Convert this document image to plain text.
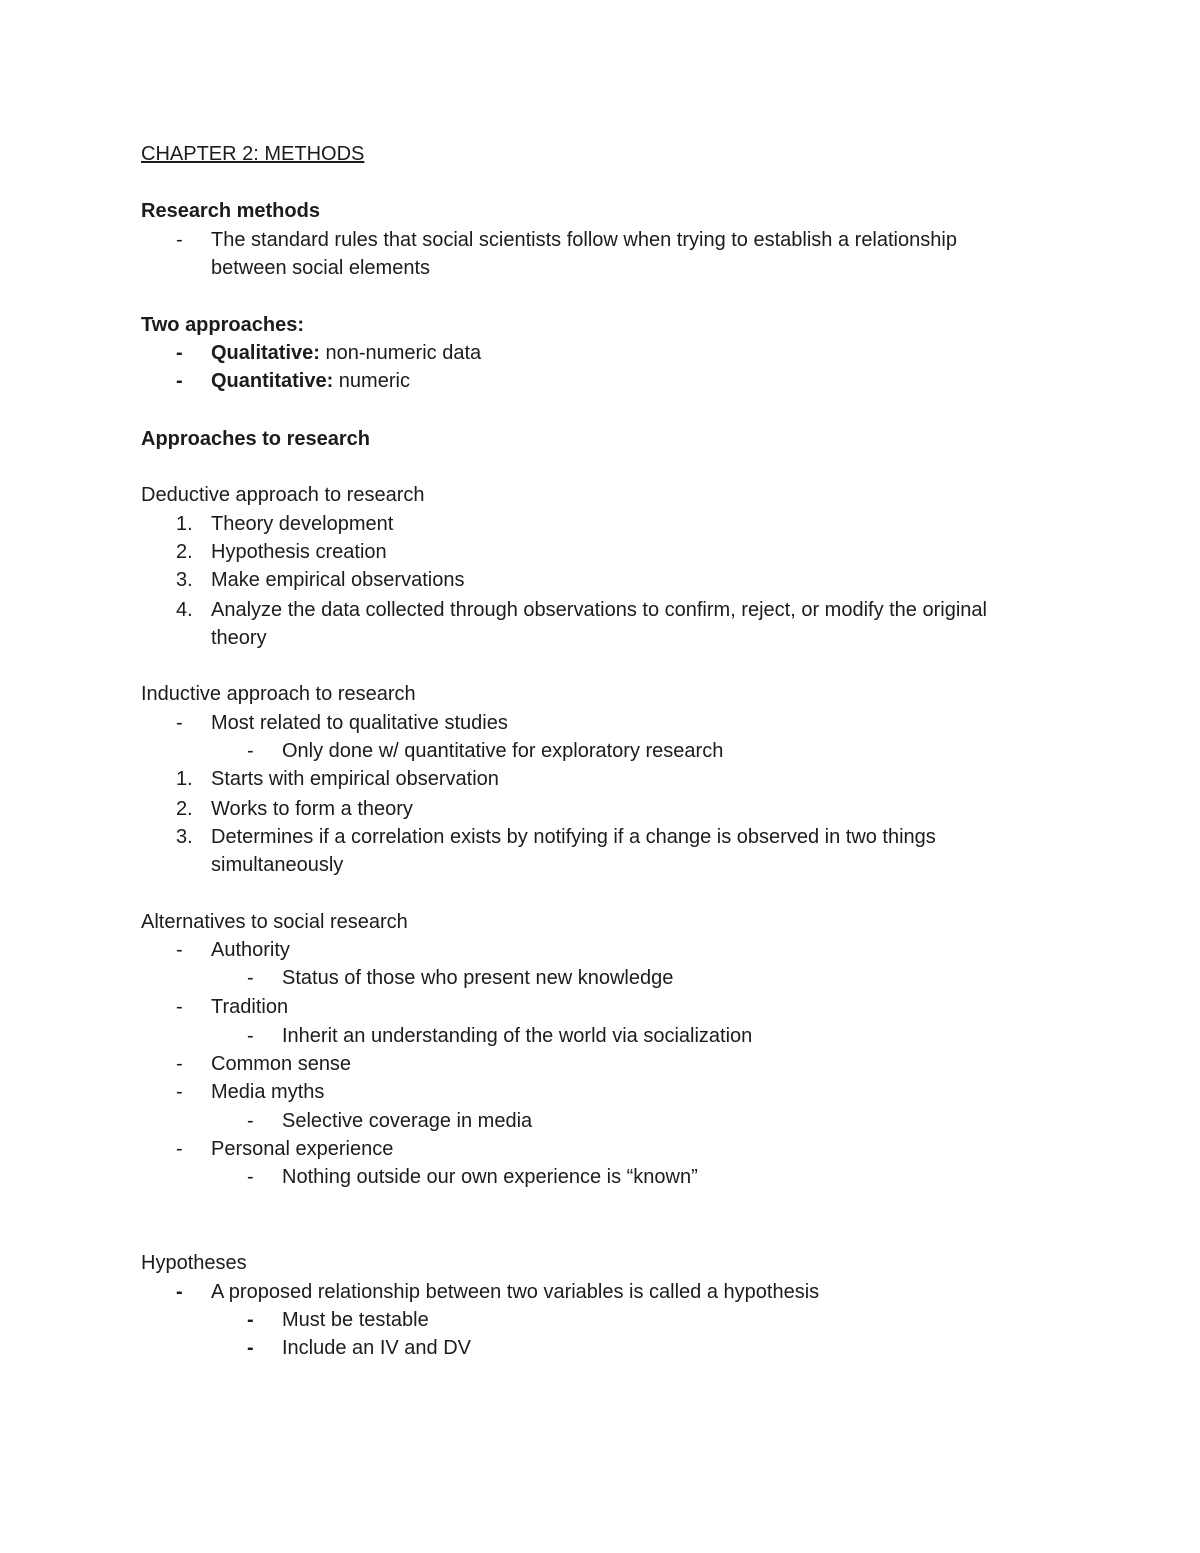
CHAPTER 2: METHODS
Research methods
- The standard rules that social scientists follow when trying to establish a relationship
between social elements
Two approaches:
- Qualitative: non-numeric data
- Quantitative: numeric
Approaches to research
Deductive approach to research
1. Theory development
2. Hypothesis creation
3. Make empirical observations
4. Analyze the data collected through observations to confirm, reject, or modify the original
theory
Inductive approach to research
- Most related to qualitative studies
- Only done w/ quantitative for exploratory research
1. Starts with empirical observation
2. Works to form a theory
3. Determines if a correlation exists by notifying if a change is observed in two things
simultaneously
Alternatives to social research
- Authority
- Status of those who present new knowledge
- Tradition
- Inherit an understanding of the world via socialization
- Common sense
- Media myths
- Selective coverage in media
- Personal experience
- Nothing outside our own experience is “known”
Hypotheses
- A proposed relationship between two variables is called a hypothesis
- Must be testable
- Include an IV and DV
